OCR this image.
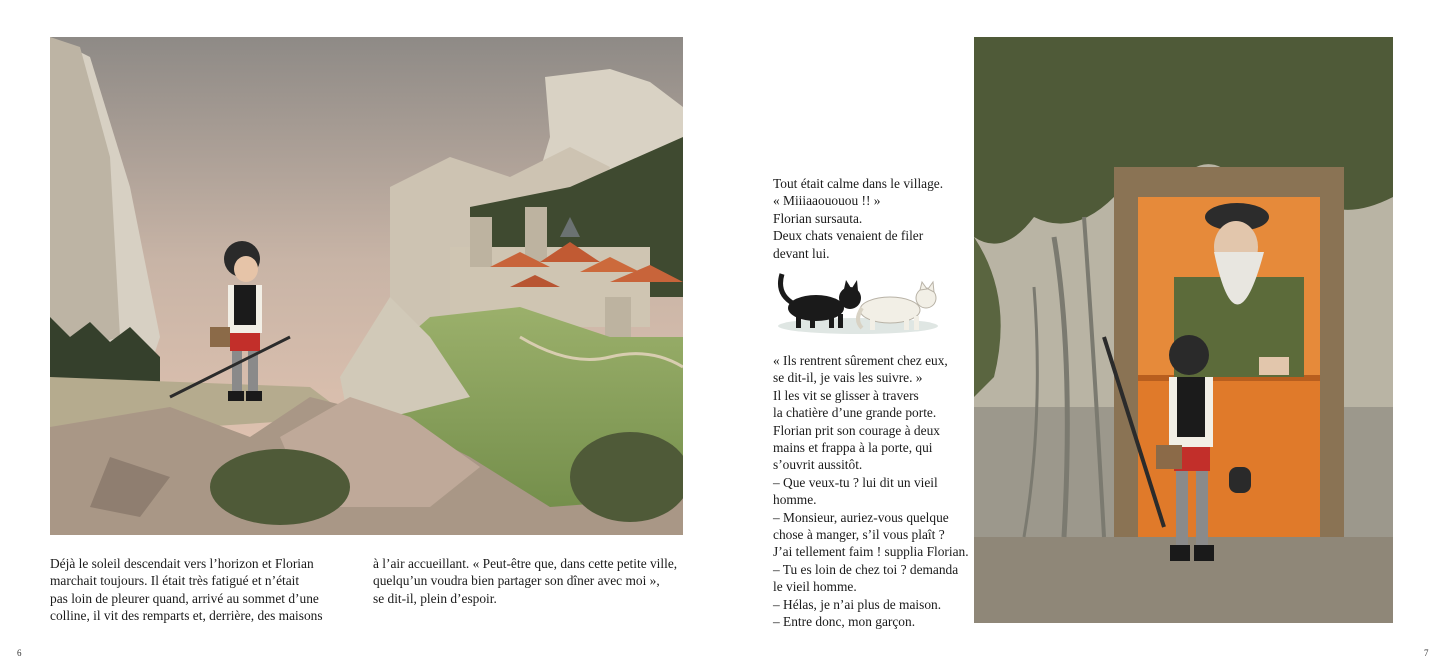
Déjà le soleil descendait vers l’horizon et Florian

marchait toujours. Il était très fatigué et n’était

pas loin de pleurer quand, arrivé au sommet d’une

colline, il vit des remparts et, derrière, des maisons

à l’air accueillant. « Peut-être que, dans cette petite ville,

quelqu’un voudra bien partager son dîner avec moi »,

se dit-il, plein d’espoir.

6

Tout était calme dans le village.

« Miiiaaououou !! »

Florian sursauta.

Deux chats venaient de filer

devant lui.

« Ils rentrent sûrement chez eux,

se dit-il, je vais les suivre. »

Il les vit se glisser à travers

la chatière d’une grande porte.

Florian prit son courage à deux

mains et frappa à la porte, qui

s’ouvrit aussitôt.

– Que veux-tu ? lui dit un vieil

homme.

– Monsieur, auriez-vous quelque

chose à manger, s’il vous plaît ?

J’ai tellement faim ! supplia Florian.

– Tu es loin de chez toi ? demanda

le vieil homme.

– Hélas, je n’ai plus de maison.

– Entre donc, mon garçon.

7
